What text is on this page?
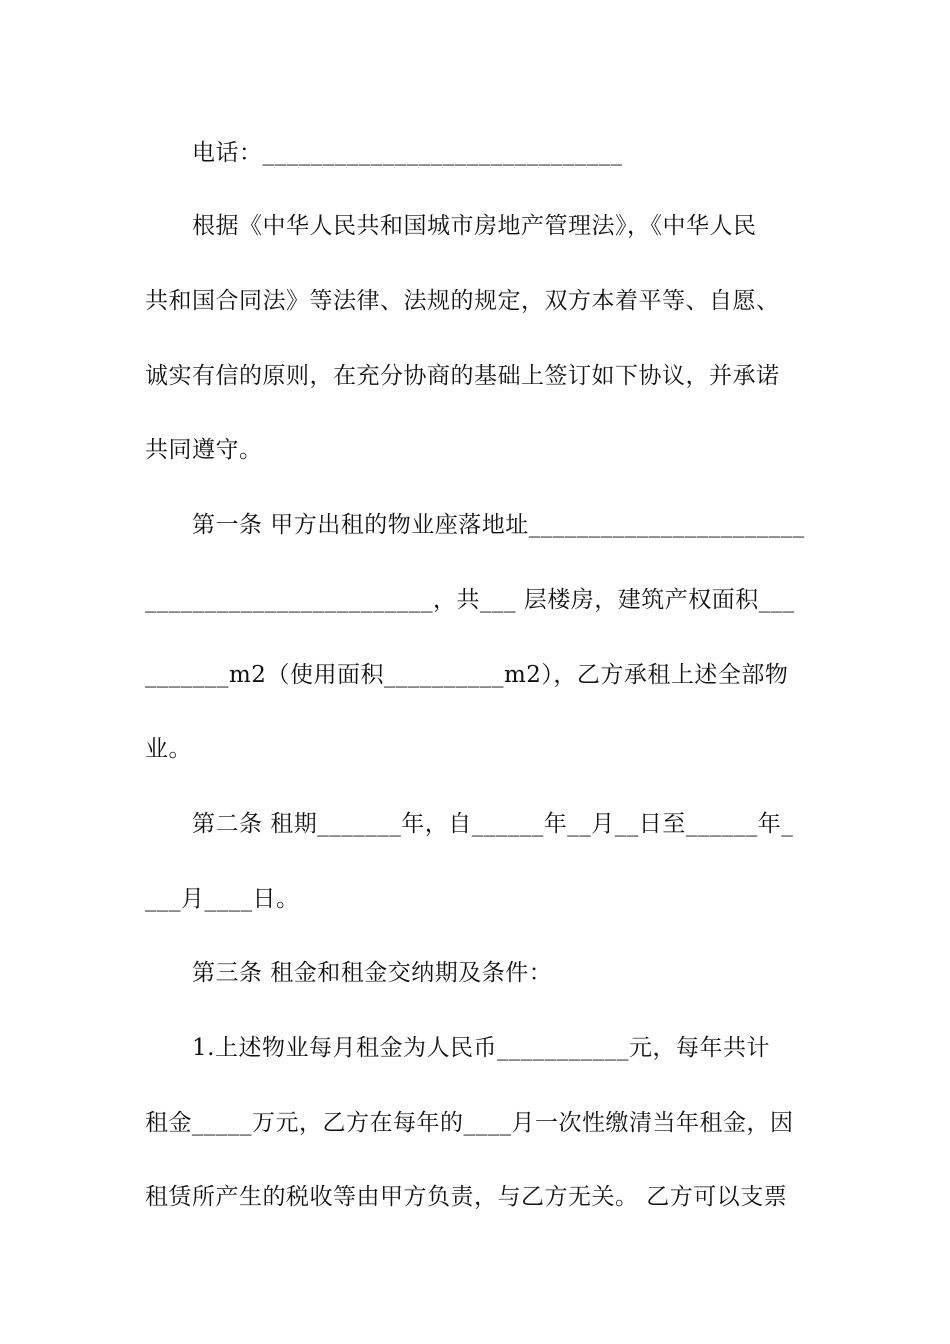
电话：______________________________
根据《中华人民共和国城市房地产管理法》，《中华人民
共和国合同法》等法律、法规的规定，双方本着平等、自愿、
诚实有信的原则，在充分协商的基础上签订如下协议，并承诺
共同遵守。
第一条 甲方出租的物业座落地址_______________________
________________________，共___ 层楼房，建筑产权面积___
_______m2（使用面积__________m2），乙方承租上述全部物
业。
第二条 租期_______年，自______年__月__日至______年_
___月____日。
第三条 租金和租金交纳期及条件：
1.上述物业每月租金为人民币___________元，每年共计
租金_____万元，乙方在每年的____月一次性缴清当年租金，因
租赁所产生的税收等由甲方负责，与乙方无关。 乙方可以支票
